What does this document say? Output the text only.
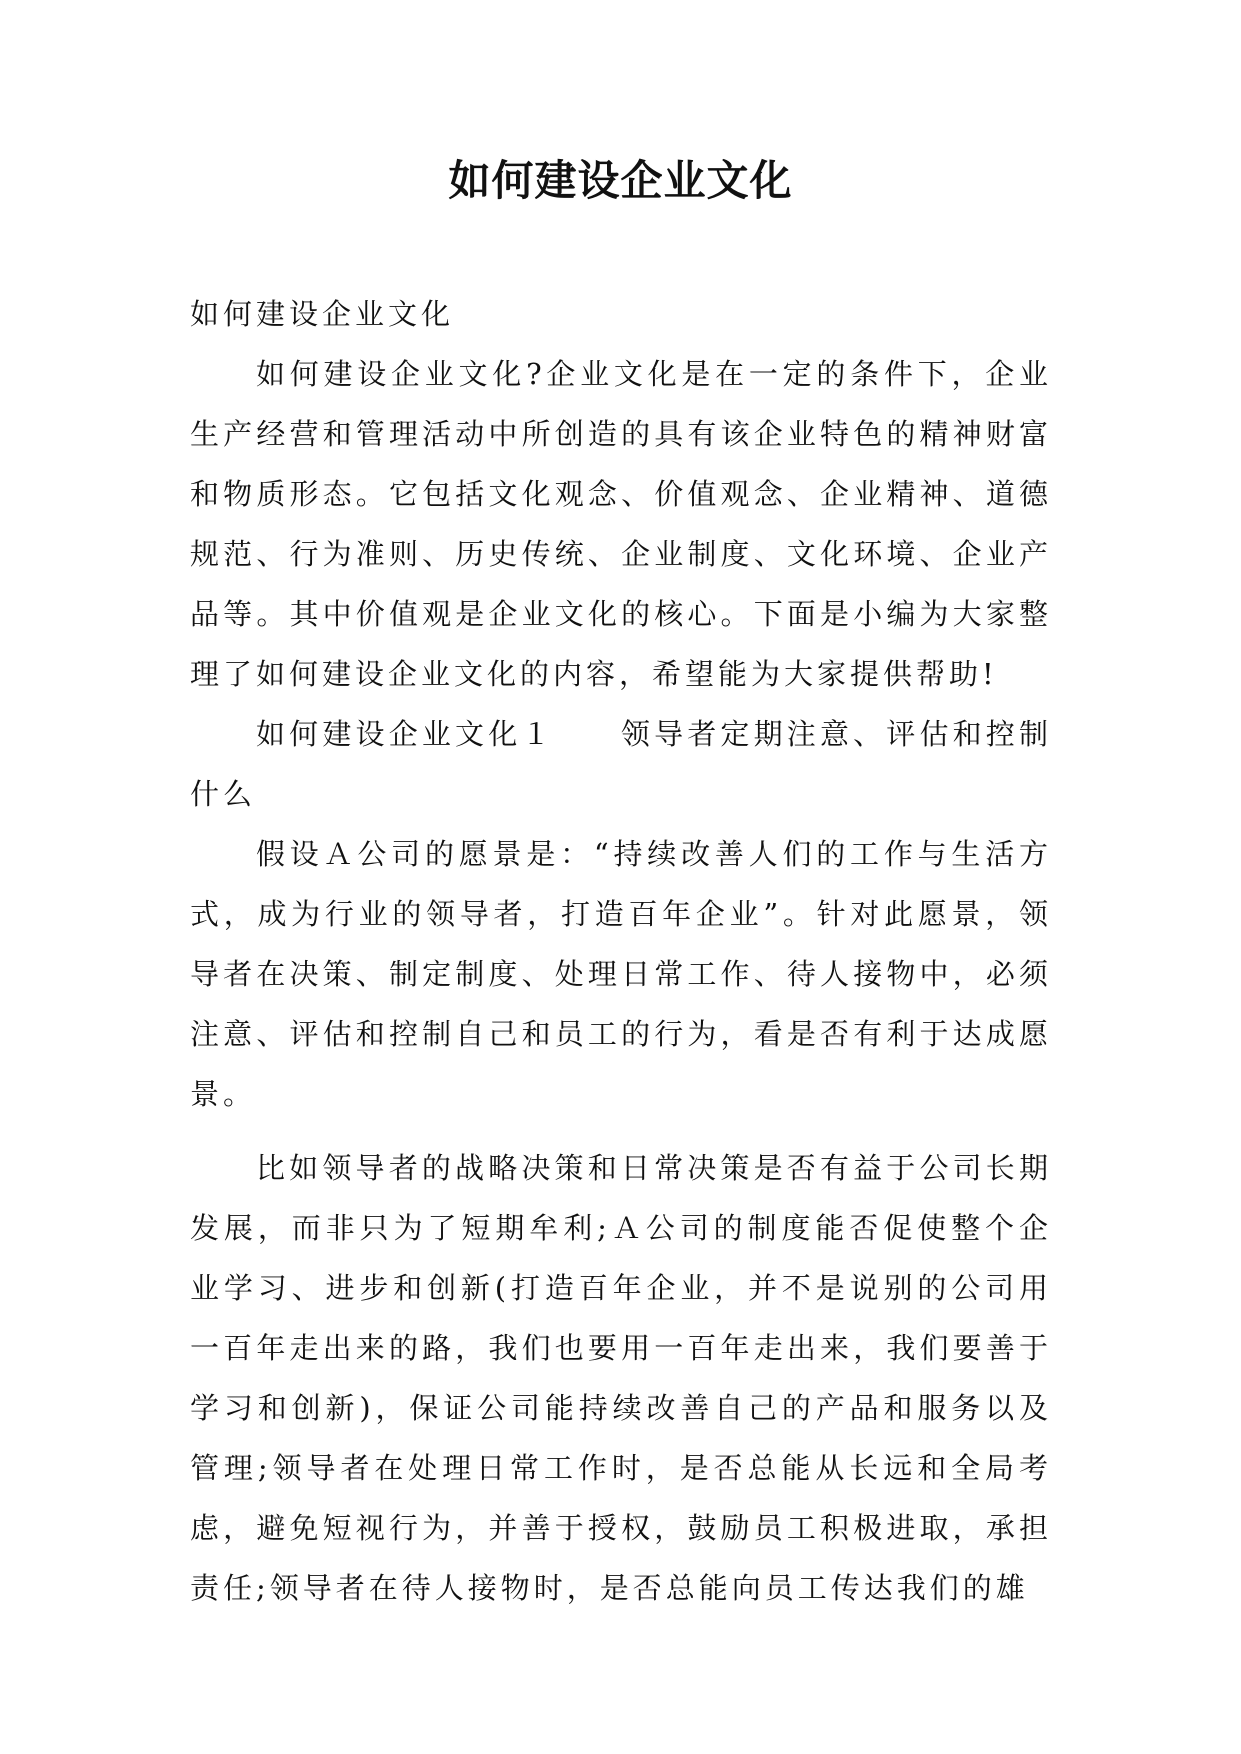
如何建设企业文化

如何建设企业文化

如何建设企业文化?企业文化是在一定的条件下，企业生产经营和管理活动中所创造的具有该企业特色的精神财富和物质形态。它包括文化观念、价值观念、企业精神、道德规范、行为准则、历史传统、企业制度、文化环境、企业产品等。其中价值观是企业文化的核心。下面是小编为大家整理了如何建设企业文化的内容，希望能为大家提供帮助!

如何建设企业文化１　　领导者定期注意、评估和控制什么

假设Ａ公司的愿景是：“持续改善人们的工作与生活方式，成为行业的领导者，打造百年企业”。针对此愿景，领导者在决策、制定制度、处理日常工作、待人接物中，必须注意、评估和控制自己和员工的行为，看是否有利于达成愿景。

比如领导者的战略决策和日常决策是否有益于公司长期发展，而非只为了短期牟利;Ａ公司的制度能否促使整个企业学习、进步和创新(打造百年企业，并不是说别的公司用一百年走出来的路，我们也要用一百年走出来，我们要善于学习和创新)，保证公司能持续改善自己的产品和服务以及管理;领导者在处理日常工作时，是否总能从长远和全局考虑，避免短视行为，并善于授权，鼓励员工积极进取，承担责任;领导者在待人接物时，是否总能向员工传达我们的雄
